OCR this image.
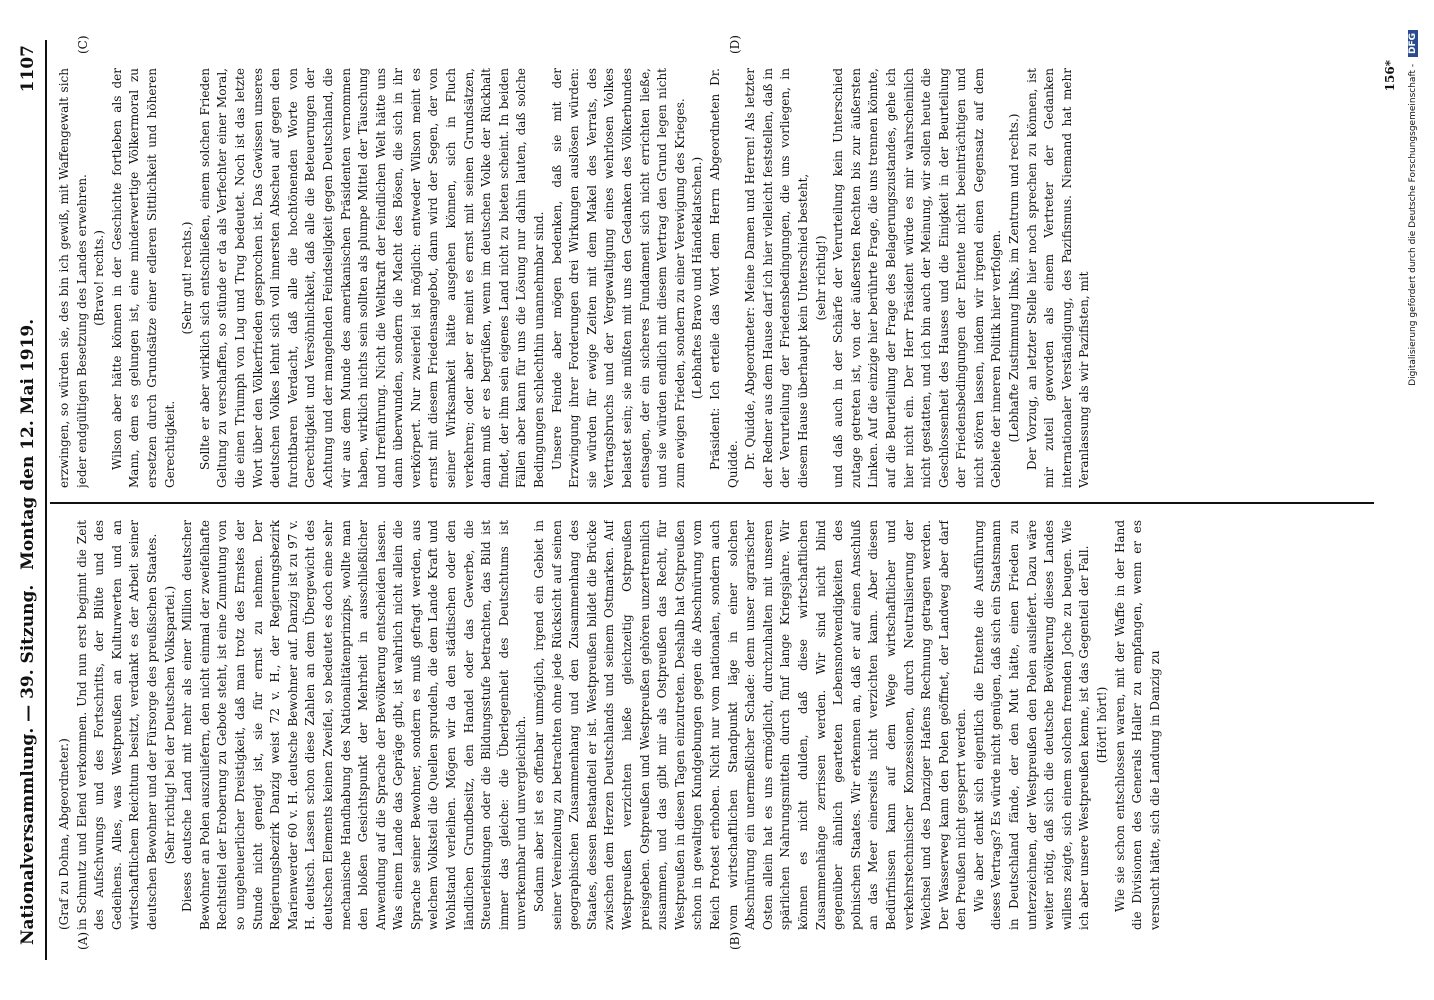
Nationalversammlung. — 39. Sitzung.
Montag den 12. Mai 1919.
1107
(A)	(B)
(C)	(D)

(Graf zu Dohna, Abgeordneter.) in Schmutz und Elend verkommen. Und nun erst beginnt die Zeit des Aufschwungs und des Fortschritts, der Blüte und des Gedeihens. Alles, was Westpreußen an Kulturwerten und an wirtschaftlichem Reichtum besitzt, verdankt es der Arbeit seiner deutschen Bewohner und der Fürsorge des preußischen Staates. (Sehr richtig! bei der Deutschen Volkspartei.) Dieses deutsche Land mit mehr als einer Million deutscher Bewohner an Polen auszuliefern, den nicht einmal der zweifelhafte Rechtstitel der Eroberung zu Gebote steht, ist eine Zumutung von so ungeheuerlicher Dreistigkeit, daß man trotz des Ernstes der Stunde nicht geneigt ist, sie für ernst zu nehmen. Der Regierungsbezirk Danzig weist 72 v. H., der Regierungsbezirk Marienwerder 60 v. H. deutsche Bewohner auf. Danzig ist zu 97 v. H. deutsch. Lassen schon diese Zahlen an dem Übergewicht des deutschen Elements keinen Zweifel, so bedeutet es doch eine sehr mechanische Handhabung des Nationalitätenprinzips, wollte man den bloßen Gesichtspunkt der Mehrheit in ausschließlicher Anwendung auf die Sprache der Bevölkerung entscheiden lassen. Was einem Lande das Gepräge gibt, ist wahrlich nicht allein die Sprache seiner Bewohner, sondern es muß gefragt werden, aus welchem Volksteil die Quellen sprudeln, die dem Lande Kraft und Wohlstand verleihen. Mögen wir da den städtischen oder den ländlichen Grundbesitz, den Handel oder das Gewerbe, die Steuerleistungen oder die Bildungsstufe betrachten, das Bild ist immer das gleiche: die Überlegenheit des Deutschtums ist unverkennbar und unvergleichlich. Sodann aber ist es offenbar unmöglich, irgend ein Gebiet in seiner Vereinzelung zu betrachten ohne jede Rücksicht auf seinen geographischen Zusammenhang und den Zusammenhang des Staates, dessen Bestandteil er ist. Westpreußen bildet die Brücke zwischen dem Herzen Deutschlands und seinem Ostmarken. Auf Westpreußen verzichten hieße gleichzeitig Ostpreußen preisgeben. Ostpreußen und Westpreußen gehören unzertrennlich zusammen, und das gibt mir als Ostpreußen das Recht, für Westpreußen in diesen Tagen einzutreten. Deshalb hat Ostpreußen schon in gewaltigen Kundgebungen gegen die Abschnürung vom Reich Protest erhoben. Nicht nur vom nationalen, sondern auch vom wirtschaftlichen Standpunkt läge in einer solchen Abschnürung ein unermeßlicher Schade: denn unser agrarischer Osten allein hat es uns ermöglicht, durchzuhalten mit unseren spärlichen Nahrungsmitteln durch fünf lange Kriegsjahre. Wir können es nicht dulden, daß diese wirtschaftlichen Zusammenhänge zerrissen werden. Wir sind nicht blind gegenüber ähnlich gearteten Lebensnotwendigkeiten des polnischen Staates. Wir erkennen an, daß er auf einen Anschluß an das Meer einerseits nicht verzichten kann. Aber diesen Bedürfnissen kann auf dem Wege wirtschaftlicher und verkehrstechnischer Konzessionen, durch Neutralisierung der Weichsel und des Danziger Hafens Rechnung getragen werden. Der Wasserweg kann den Polen geöffnet, der Landweg aber darf den Preußen nicht gesperrt werden. Wie aber denkt sich eigentlich die Entente die Ausführung dieses Vertrags? Es würde nicht genügen, daß sich ein Staatsmann in Deutschland fände, der den Mut hätte, einen Frieden zu unterzeichnen, der Westpreußen den Polen ausliefert. Dazu wäre weiter nötig, daß sich die deutsche Bevölkerung dieses Landes willens zeigte, sich einem solchen fremden Joche zu beugen. Wie ich aber unsere Westpreußen kenne, ist das Gegenteil der Fall. (Hört! hört!) Wie sie schon entschlossen waren, mit der Waffe in der Hand die Divisionen des Generals Haller zu empfangen, wenn er es versucht hätte, sich die Landung in Danzig zu

erzwingen, so würden sie, des bin ich gewiß, mit Waffengewalt sich jeder endgültigen Besetzung des Landes erwehren. (Bravo! rechts.) Wilson aber hätte können in der Geschichte fortleben als der Mann, dem es gelungen ist, eine minderwertige Völkermoral zu ersetzen durch Grundsätze einer edleren Sittlichkeit und höheren Gerechtigkeit.

(Sehr gut! rechts.) Sollte er aber wirklich sich entschließen, einem solchen Frieden Geltung zu verschaffen, so stünde er da als Verfechter einer Moral, die einen Triumph von Lug und Trug bedeutet. Noch ist das letzte Wort über den Völkerfrieden gesprochen ist. Das Gewissen unseres deutschen Volkes lehnt sich voll innersten Abscheu auf gegen den furchtbaren Verdacht, daß alle die hochtönenden Worte von Gerechtigkeit und Versöhnlichkeit, daß alle die Beteuerungen der Achtung und der mangelnden Feindseligkeit gegen Deutschland, die wir aus dem Munde des amerikanischen Präsidenten vernommen haben, wirklich nichts sein sollten als plumpe Mittel der Täuschung und Irreführung. Nicht die Weltkraft der feindlichen Welt hätte uns dann überwunden, sondern die Macht des Bösen, die sich in ihr verkörpert. Nur zweierlei ist möglich: entweder Wilson meint es ernst mit diesem Friedensangebot, dann wird der Segen, der von seiner Wirksamkeit hätte ausgehen können, sich in Fluch verkehren; oder aber er meint es ernst mit seinen Grundsätzen, dann muß er es begrüßen, wenn im deutschen Volke der Rückhalt findet, der ihm sein eigenes Land nicht zu bieten scheint. In beiden Fällen aber kann für uns die Lösung nur dahin lauten, daß solche Bedingungen schlechthin unannehmbar sind. Unsere Feinde aber mögen bedenken, daß sie mit der Erzwingung ihrer Forderungen drei Wirkungen auslösen würden: sie würden für ewige Zeiten mit dem Makel des Verrats, des Vertragsbruchs und der Vergewaltigung eines wehrlosen Volkes belastet sein; sie müßten mit uns den Gedanken des Völkerbundes entsagen, der ein sicheres Fundament sich nicht errichten ließe, und sie würden endlich mit diesem Vertrag den Grund legen nicht zum ewigen Frieden, sondern zu einer Verewigung des Krieges. (Lebhaftes Bravo und Händeklatschen.) Präsident: Ich erteile das Wort dem Herrn Abgeordneten Dr. Quidde. Dr. Quidde, Abgeordneter: Meine Damen und Herren! Als letzter der Redner aus dem Hause darf ich hier vielleicht feststellen, daß in der Verurteilung der Friedensbedingungen, die uns vorliegen, in diesem Hause überhaupt kein Unterschied besteht, (sehr richtig!) und daß auch in der Schärfe der Verurteilung kein Unterschied zutage getreten ist, von der äußersten Rechten bis zur äußersten Linken. Auf die einzige hier berührte Frage, die uns trennen könnte, auf die Beurteilung der Frage des Belagerungszustandes, gehe ich hier nicht ein. Der Herr Präsident würde es mir wahrscheinlich nicht gestatten, und ich bin auch der Meinung, wir sollen heute die Geschlossenheit des Hauses und die Einigkeit in der Beurteilung der Friedensbedingungen der Entente nicht beeinträchtigen und nicht stören lassen, indem wir irgend einen Gegensatz auf dem Gebiete der inneren Politik hier verfolgen. (Lebhafte Zustimmung links, im Zentrum und rechts.) Der Vorzug, an letzter Stelle hier noch sprechen zu können, ist mir zuteil geworden als einem Vertreter der Gedanken internationaler Verständigung, des Pazifismus. Niemand hat mehr Veranlassung als wir Pazifisten, mit

156* Digitalisierung gefördert durch die Deutsche Forschungsgemeinschaft - DFG
